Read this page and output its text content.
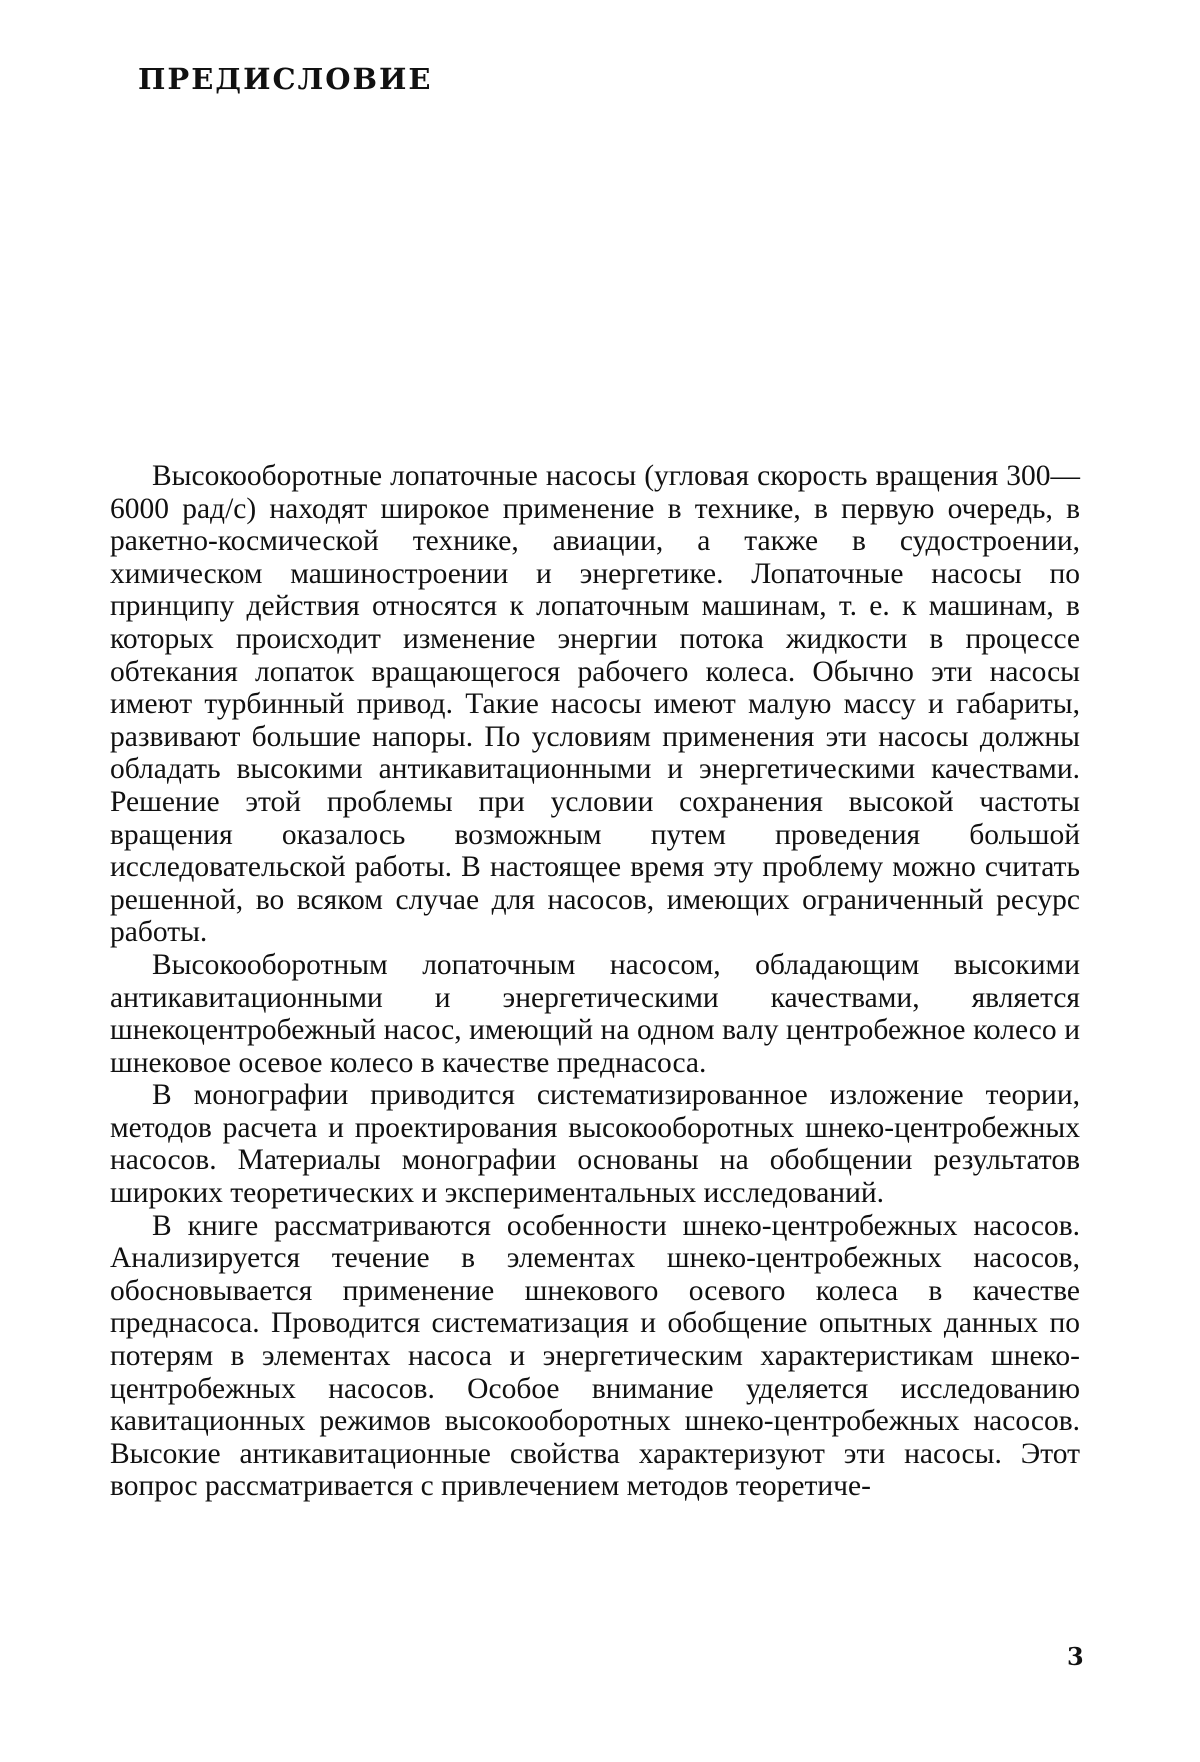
ПРЕДИСЛОВИЕ

Высокооборотные лопаточные насосы (угловая скорость вращения 300—6000 рад/с) находят широкое применение в технике, в первую очередь, в ракетно-космической технике, авиации, а также в судостроении, химическом машиностроении и энергетике. Лопаточные насосы по принципу действия относятся к лопаточным машинам, т. е. к машинам, в которых происходит изменение энергии потока жидкости в процессе обтекания лопаток вращающегося рабочего колеса. Обычно эти насосы имеют турбинный привод. Такие насосы имеют малую массу и габариты, развивают большие напоры. По условиям применения эти насосы должны обладать высокими антикавитационными и энергетическими качествами. Решение этой проблемы при условии сохранения высокой частоты вращения оказалось возможным путем проведения большой исследовательской работы. В настоящее время эту проблему можно считать решенной, во всяком случае для насосов, имеющих ограниченный ресурс работы.

Высокооборотным лопаточным насосом, обладающим высокими антикавитационными и энергетическими качествами, является шнекоцентробежный насос, имеющий на одном валу центробежное колесо и шнековое осевое колесо в качестве преднасоса.

В монографии приводится систематизированное изложение теории, методов расчета и проектирования высокооборотных шнеко-центробежных насосов. Материалы монографии основаны на обобщении результатов широких теоретических и экспериментальных исследований.

В книге рассматриваются особенности шнеко-центробежных насосов. Анализируется течение в элементах шнеко-центробежных насосов, обосновывается применение шнекового осевого колеса в качестве преднасоса. Проводится систематизация и обобщение опытных данных по потерям в элементах насоса и энергетическим характеристикам шнеко-центробежных насосов. Особое внимание уделяется исследованию кавитационных режимов высокооборотных шнеко-центробежных насосов. Высокие антикавитационные свойства характеризуют эти насосы. Этот вопрос рассматривается с привлечением методов теоретиче-

3
